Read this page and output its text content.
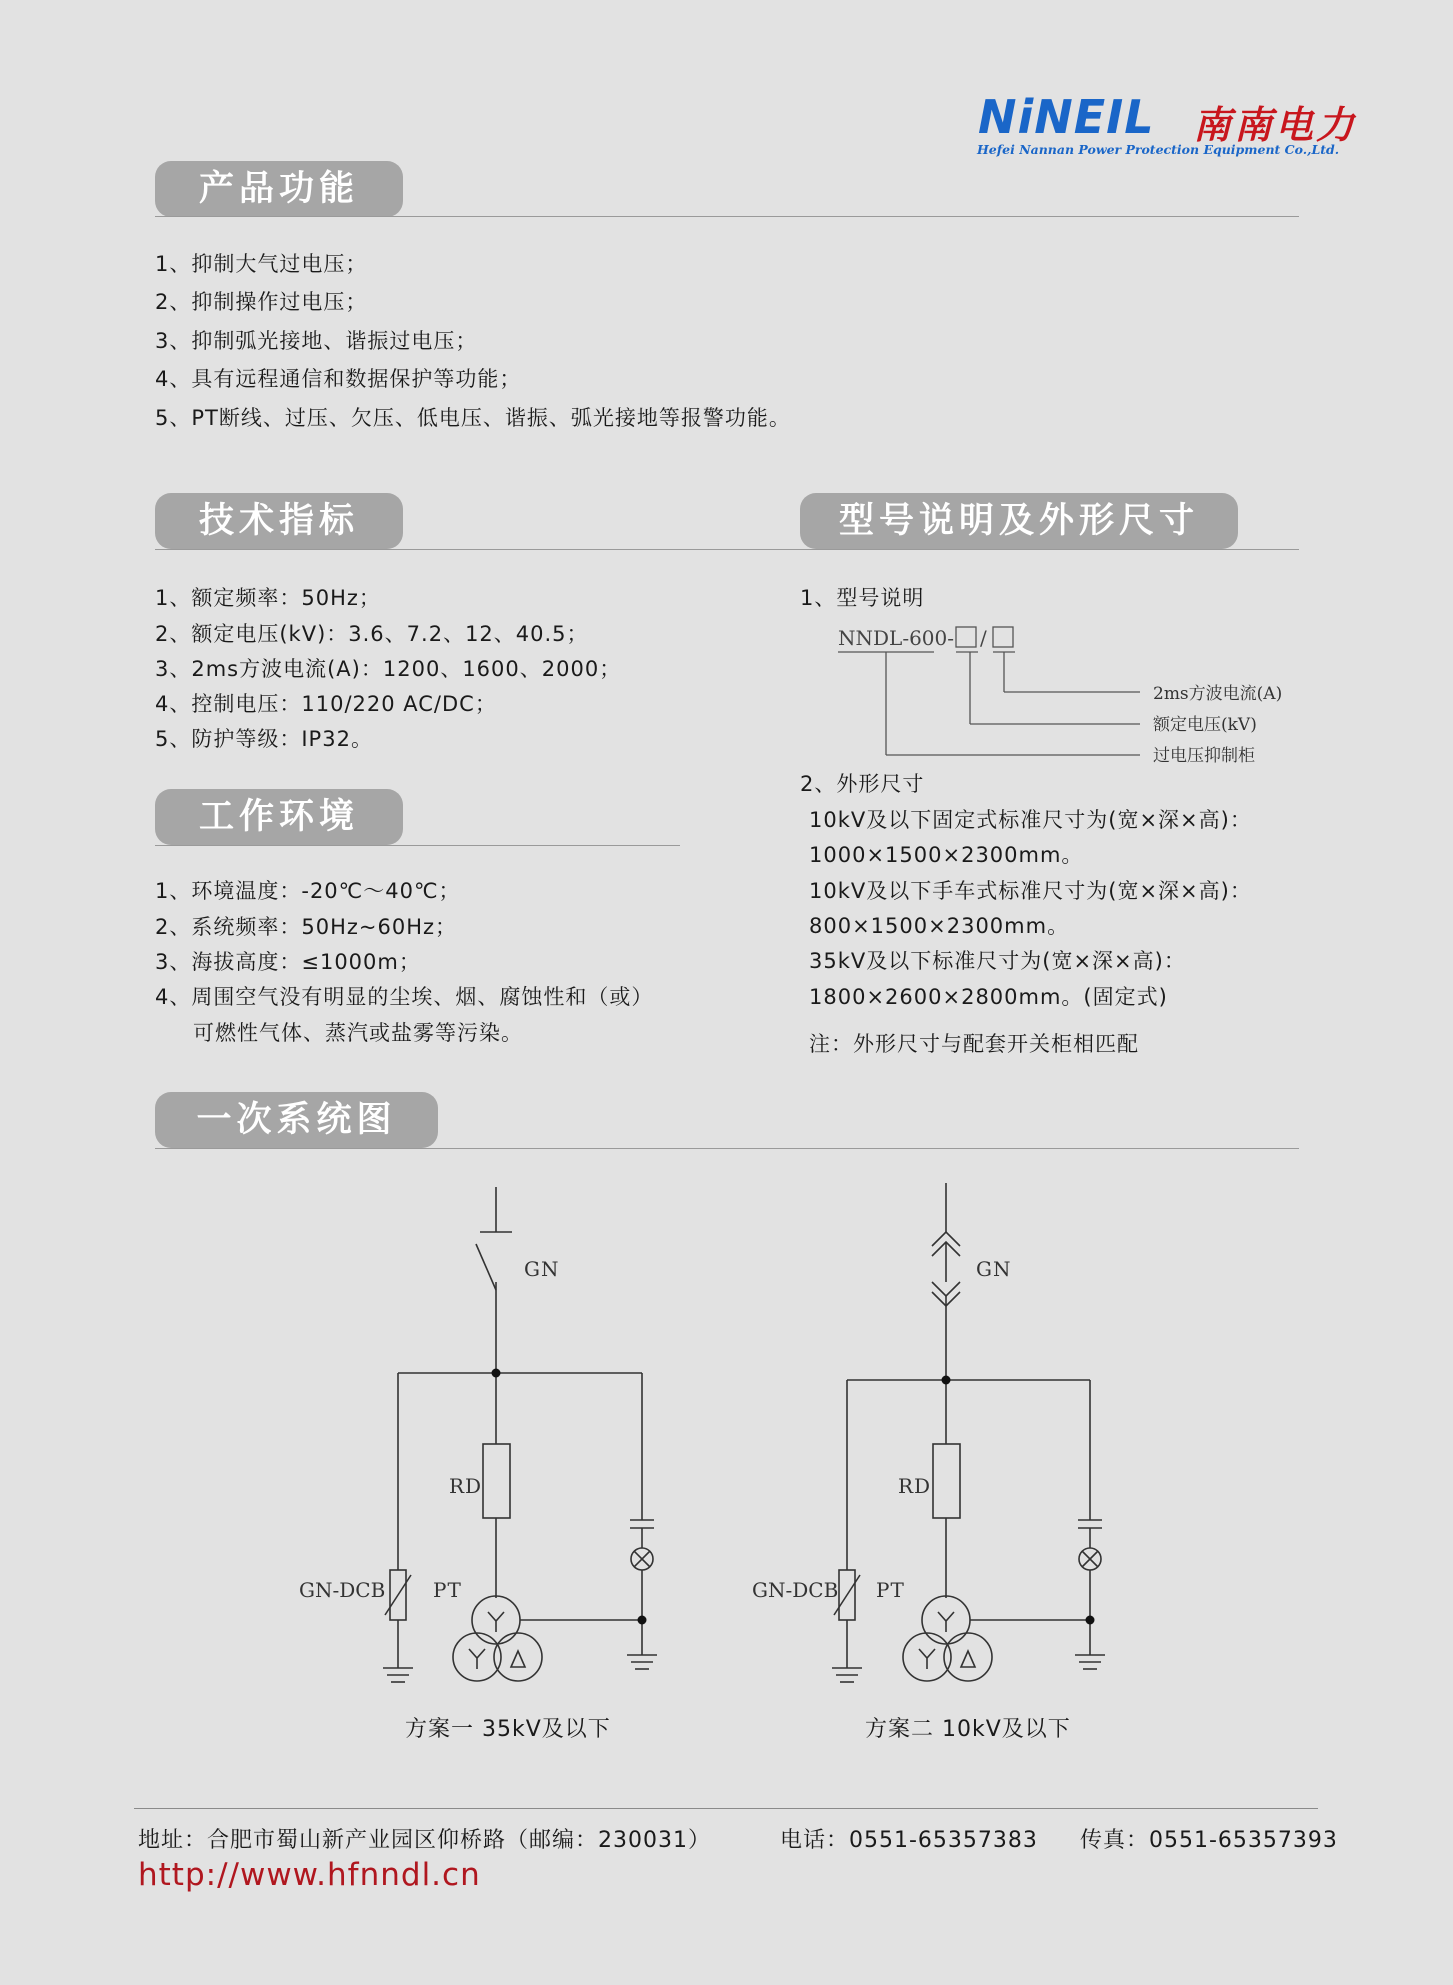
NiNEIL 南南电力
Hefei Nannan Power Protection Equipment Co.,Ltd.
产品功能
1、抑制大气过电压；
2、抑制操作过电压；
3、抑制弧光接地、谐振过电压；
4、具有远程通信和数据保护等功能；
5、PT断线、过压、欠压、低电压、谐振、弧光接地等报警功能。
技术指标
1、额定频率：50Hz；
2、额定电压(kV)：3.6、7.2、12、40.5；
3、2ms方波电流(A)：1200、1600、2000；
4、控制电压：110/220 AC/DC；
5、防护等级：IP32。
型号说明及外形尺寸
1、型号说明
NNDL-600- /
2ms方波电流(A)
额定电压(kV)
过电压抑制柜
2、外形尺寸
10kV及以下固定式标准尺寸为(宽×深×高)：
1000×1500×2300mm。
10kV及以下手车式标准尺寸为(宽×深×高)：
800×1500×2300mm。
35kV及以下标准尺寸为(宽×深×高)：
1800×2600×2800mm。(固定式)
注：外形尺寸与配套开关柜相匹配
工作环境
1、环境温度：-20℃～40℃；
2、系统频率：50Hz~60Hz；
3、海拔高度：≤1000m；
4、周围空气没有明显的尘埃、烟、腐蚀性和（或）
可燃性气体、蒸汽或盐雾等污染。
一次系统图
GN
RD
GN-DCB PT
方案一 35kV及以下
GN
RD
GN-DCB PT
方案二 10kV及以下
地址：合肥市蜀山新产业园区仰桥路（邮编：230031）	电话：0551-65357383 传真：0551-65357393
http://www.hfnndl.cn
